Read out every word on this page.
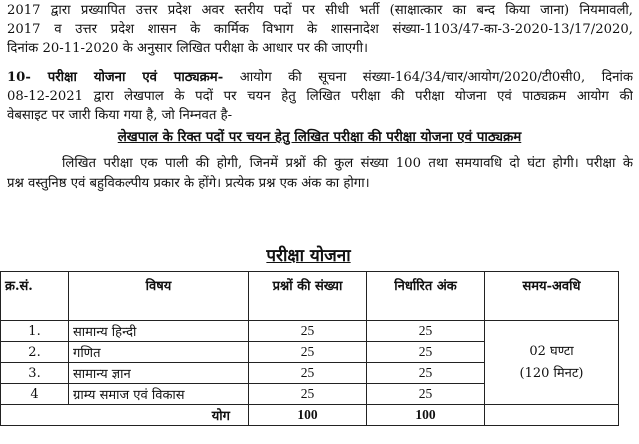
2017 द्वारा प्रख्यापित उत्तर प्रदेश अवर स्तरीय पदों पर सीधी भर्ती (साक्षात्कार का बन्द किया जाना) नियमावली,
2017 व उत्तर प्रदेश शासन के कार्मिक विभाग के शासनादेश संख्या-1103/47-का-3-2020-13/17/2020,
दिनांक 20-11-2020 के अनुसार लिखित परीक्षा के आधार पर की जाएगी।
10- परीक्षा योजना एवं पाठ्यक्रम- आयोग की सूचना संख्या-164/34/चार/आयोग/2020/टी0सी0, दिनांक
08-12-2021 द्वारा लेखपाल के पदों पर चयन हेतु लिखित परीक्षा की परीक्षा योजना एवं पाठ्यक्रम आयोग की
वेबसाइट पर जारी किया गया है, जो निम्नवत है-
लेखपाल के रिक्त पदों पर चयन हेतु लिखित परीक्षा की परीक्षा योजना एवं पाठ्यक्रम
लिखित परीक्षा एक पाली की होगी, जिनमें प्रश्नों की कुल संख्या 100 तथा समयावधि दो घंटा होगी। परीक्षा के
प्रश्न वस्तुनिष्ठ एवं बहुविकल्पीय प्रकार के होंगे। प्रत्येक प्रश्न एक अंक का होगा।
परीक्षा योजना
क्र.सं.	विषय	प्रश्नों की संख्या	निर्धारित अंक	समय-अवधि
1.	सामान्य हिन्दी	25	25	02 घण्टा
(120 मिनट)

2.	गणित	25	25	
3.	सामान्य ज्ञान	25	25	
4	ग्राम्य समाज एवं विकास	25	25	
	योग	100	100	
